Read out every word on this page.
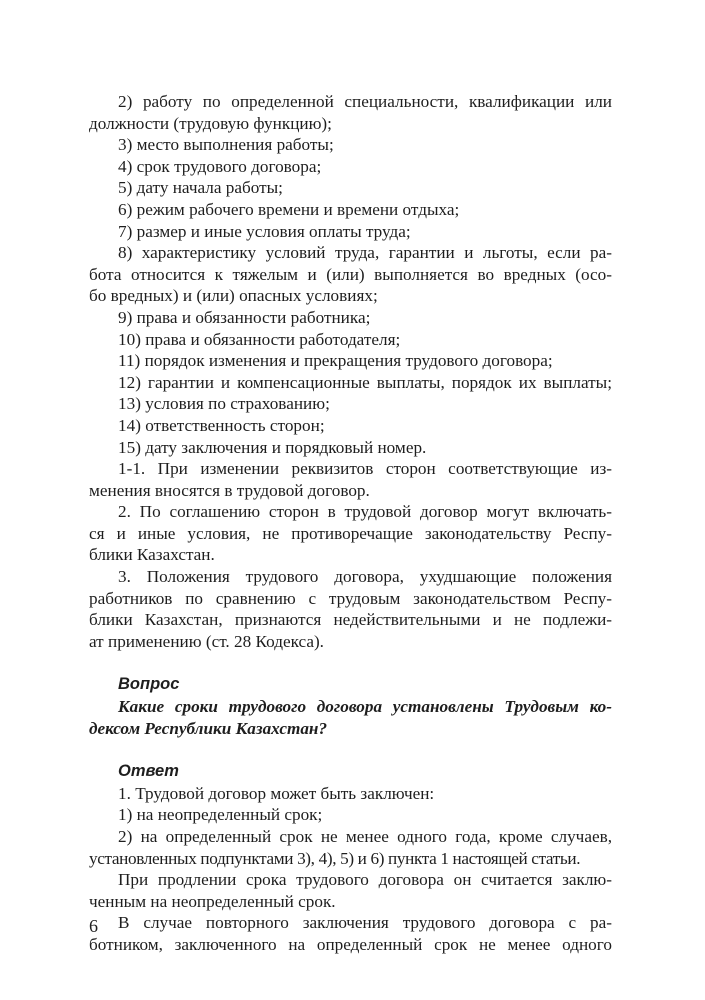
2) работу по определенной специальности, квалификации или
должности (трудовую функцию);
3) место выполнения работы;
4) срок трудового договора;
5) дату начала работы;
6) режим рабочего времени и времени отдыха;
7) размер и иные условия оплаты труда;
8) характеристику условий труда, гарантии и льготы, если ра-
бота относится к тяжелым и (или) выполняется во вредных (осо-
бо вредных) и (или) опасных условиях;
9) права и обязанности работника;
10) права и обязанности работодателя;
11) порядок изменения и прекращения трудового договора;
12) гарантии и компенсационные выплаты, порядок их выплаты;
13) условия по страхованию;
14) ответственность сторон;
15) дату заключения и порядковый номер.
1-1. При изменении реквизитов сторон соответствующие из-
менения вносятся в трудовой договор.
2. По соглашению сторон в трудовой договор могут включать-
ся и иные условия, не противоречащие законодательству Респу-
блики Казахстан.
3. Положения трудового договора, ухудшающие положения
работников по сравнению с трудовым законодательством Респу-
блики Казахстан, признаются недействительными и не подлежи-
ат применению (ст. 28 Кодекса).
Вопрос
Какие сроки трудового договора установлены Трудовым ко-
дексом Республики Казахстан?
Ответ
1. Трудовой договор может быть заключен:
1) на неопределенный срок;
2) на определенный срок не менее одного года, кроме случаев,
установленных подпунктами 3), 4), 5) и 6) пункта 1 настоящей статьи.
При продлении срока трудового договора он считается заклю-
ченным на неопределенный срок.
В случае повторного заключения трудового договора с ра-
ботником, заключенного на определенный срок не менее одного
6
